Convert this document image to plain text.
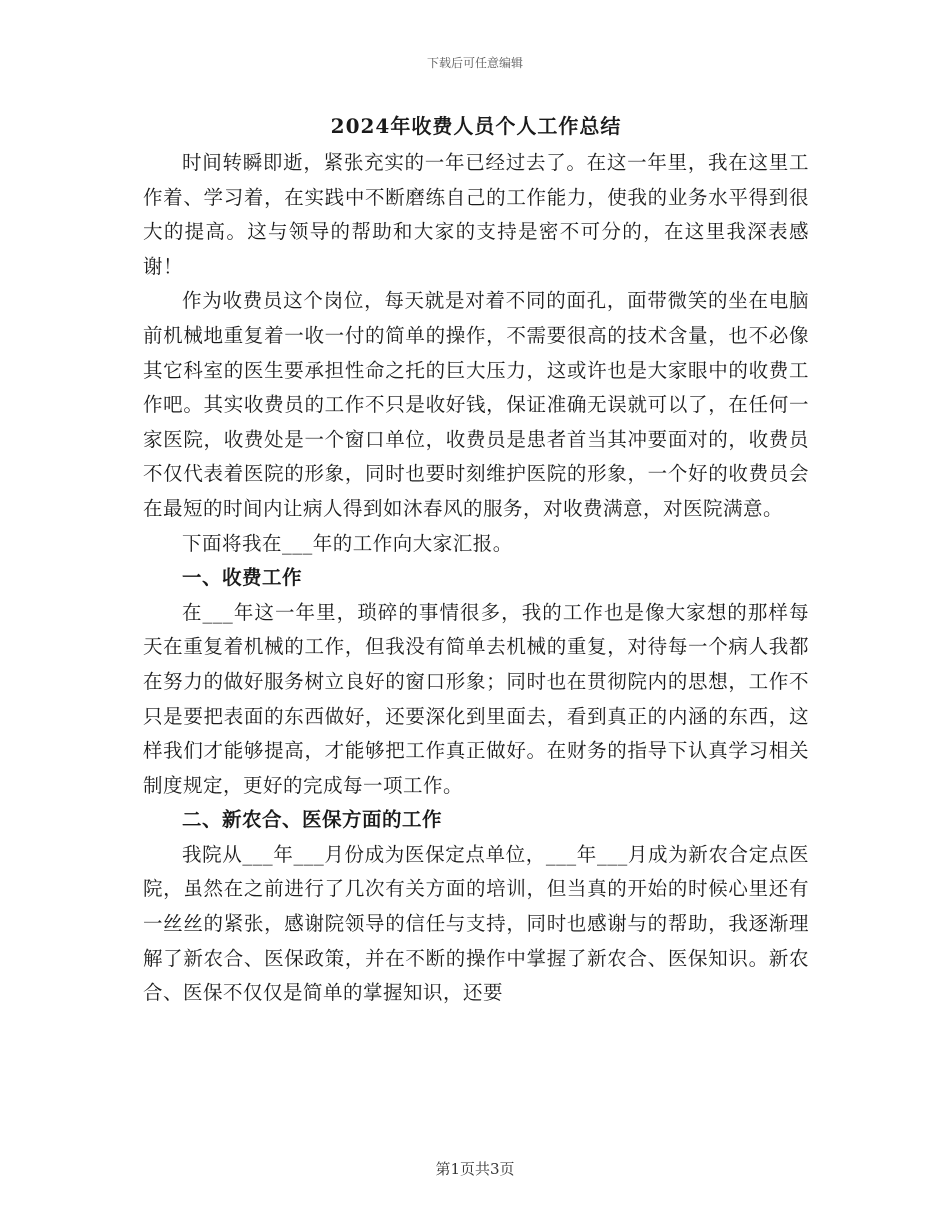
下载后可任意编辑
2024年收费人员个人工作总结

时间转瞬即逝，紧张充实的一年已经过去了。在这一年里，我在这里工作着、学习着，在实践中不断磨练自己的工作能力，使我的业务水平得到很大的提高。这与领导的帮助和大家的支持是密不可分的，在这里我深表感谢！

作为收费员这个岗位，每天就是对着不同的面孔，面带微笑的坐在电脑前机械地重复着一收一付的简单的操作，不需要很高的技术含量，也不必像其它科室的医生要承担性命之托的巨大压力，这或许也是大家眼中的收费工作吧。其实收费员的工作不只是收好钱，保证准确无误就可以了，在任何一家医院，收费处是一个窗口单位，收费员是患者首当其冲要面对的，收费员不仅代表着医院的形象，同时也要时刻维护医院的形象，一个好的收费员会在最短的时间内让病人得到如沐春风的服务，对收费满意，对医院满意。

下面将我在___年的工作向大家汇报。

一、收费工作

在___年这一年里，琐碎的事情很多，我的工作也是像大家想的那样每天在重复着机械的工作，但我没有简单去机械的重复，对待每一个病人我都在努力的做好服务树立良好的窗口形象；同时也在贯彻院内的思想，工作不只是要把表面的东西做好，还要深化到里面去，看到真正的内涵的东西，这样我们才能够提高，才能够把工作真正做好。在财务的指导下认真学习相关制度规定，更好的完成每一项工作。

二、新农合、医保方面的工作

我院从___年___月份成为医保定点单位，___年___月成为新农合定点医院，虽然在之前进行了几次有关方面的培训，但当真的开始的时候心里还有一丝丝的紧张，感谢院领导的信任与支持，同时也感谢与的帮助，我逐渐理解了新农合、医保政策，并在不断的操作中掌握了新农合、医保知识。新农合、医保不仅仅是简单的掌握知识，还要

第1页共3页
